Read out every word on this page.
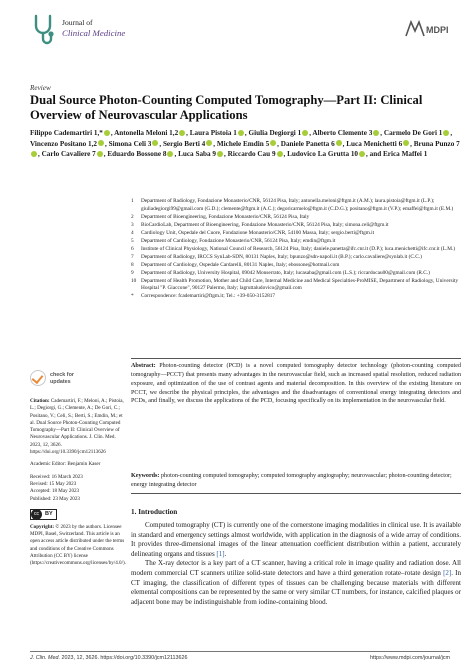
Journal of
Clinical Medicine	MDPI
Review
Dual Source Photon-Counting Computed Tomography—Part II: Clinical Overview of Neurovascular Applications
Filippo Cademartiri 1,* , Antonella Meloni 1,2 , Laura Pistoia 1 , Giulia Degiorgi 1 , Alberto Clemente 3 , Carmelo De Gori 1 , Vincenzo Positano 1,2 , Simona Celi 3 , Sergio Berti 4 , Michele Emdin 5 , Daniele Panetta 6 , Luca Menichetti 6 , Bruna Punzo 7, Carlo Cavaliere 7 , Eduardo Bossone 8 , Luca Saba 9 , Riccardo Cau 9 , Ludovico La Grutta 10 , and Erica Maffei 1
1	Department of Radiology, Fondazione Monasterio/CNR, 56124 Pisa, Italy; antonella.meloni@ftgm.it (A.M.); laura.pistoia@ftgm.it (L.P.); giuliadegiorgi99@gmail.com (G.D.); clemente@ftgm.it (A.C.); degoricarmelo@ftgm.it (C.D.G.); positano@ftgm.it (V.P.); emaffei@ftgm.it (E.M.)
2	Department of Bioengineering, Fondazione Monasterio/CNR, 56124 Pisa, Italy
3	BioCardioLab, Department of Bioengineering, Fondazione Monasterio/CNR, 56124 Pisa, Italy; simona.celi@ftgm.it
4	Cardiology Unit, Ospedale del Cuore, Fondazione Monasterio/CNR, 54100 Massa, Italy; sergio.berti@ftgm.it
5	Department of Cardiology, Fondazione Monasterio/CNR, 56124 Pisa, Italy; emdin@ftgm.it
6	Institute of Clinical Physiology, National Council of Research, 56124 Pisa, Italy; daniele.panetta@ifc.cnr.it (D.P.); luca.menichetti@ifc.cnr.it (L.M.)
7	Department of Radiology, IRCCS SynLab-SDN, 80131 Naples, Italy; bpunzo@sdn-napoli.it (B.P.); carlo.cavaliere@synlab.it (C.C.)
8	Department of Cardiology, Ospedale Cardarelli, 80131 Naples, Italy; ebossone@hotmail.com
9	Department of Radiology, University Hospital, 09042 Monserrato, Italy; lucasaba@gmail.com (L.S.); riccardocau00@gmail.com (R.C.)
10 Department of Health Promotion, Mother and Child Care, Internal Medicine and Medical Specialties-ProMISE, Department of Radiology, University Hospital "P. Giaccone", 90127 Palermo, Italy; lagruttaludovico@gmail.com
*	Correspondence: fcademartiri@ftgm.it; Tel.: +39-050-3152817
check for
updates

Citation: Cademartiri, F.; Meloni, A.; Pistoia, L.; Degiorgi, G.; Clemente, A.; De Gori, C.; Positano, V.; Celi, S.; Berti, S.; Emdin, M.; et al. Dual Source Photon-Counting Computed Tomography—Part II: Clinical Overview of Neurovascular Applications. J. Clin. Med. 2023, 12, 3626. https://doi.org/10.3390/jcm12113626

Academic Editor: Benjamin Kaser

Received: 16 March 2023

Revised: 15 May 2023

Accepted: 18 May 2023

Published: 23 May 2023

cc	BY

Copyright: © 2023 by the authors. Licensee MDPI, Basel, Switzerland. This article is an open access article distributed under the terms and conditions of the Creative Commons Attribution (CC BY) license (https://creativecommons.org/licenses/by/4.0/).

Abstract: Photon-counting detector (PCD) is a novel computed tomography detector technology (photon-counting computed tomography—PCCT) that presents many advantages in the neurovascular field, such as increased spatial resolution, reduced radiation exposure, and optimization of the use of contrast agents and material decomposition. In this overview of the existing literature on PCCT, we describe the physical principles, the advantages and the disadvantages of conventional energy integrating detectors and PCDs, and finally, we discuss the applications of the PCD, focusing specifically on its implementation in the neurovascular field.
Keywords: photon-counting computed tomography; computed tomography angiography; neurovascular; photon-counting detector; energy integrating detector
1. Introduction

Computed tomography (CT) is currently one of the cornerstone imaging modalities in clinical use. It is available in standard and emergency settings almost worldwide, with application in the diagnosis of a wide array of conditions. It provides three-dimensional images of the linear attenuation coefficient distribution within a patient, accurately delineating organs and tissues [1].

The X-ray detector is a key part of a CT scanner, having a critical role in image quality and radiation dose. All modern commercial CT scanners utilize solid-state detectors and have a third generation rotate–rotate design [2]. In CT imaging, the classification of different types of tissues can be challenging because materials with different elemental compositions can be represented by the same or very similar CT numbers, for instance, calcified plaques or adjacent bone may be indistinguishable from iodine-containing blood.

J. Clin. Med. 2023, 12, 3626. https://doi.org/10.3390/jcm12113626	https://www.mdpi.com/journal/jcm
